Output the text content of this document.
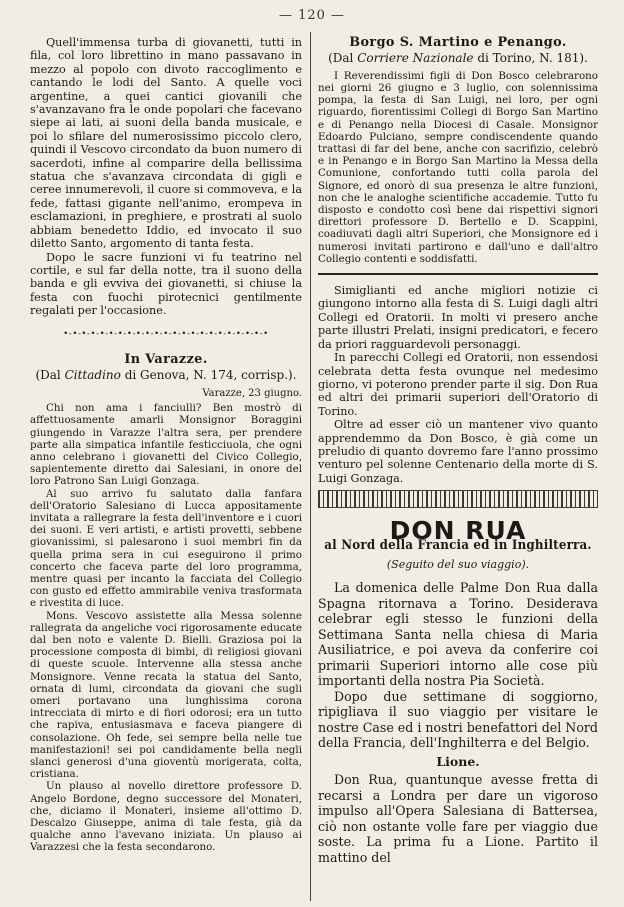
— 120 —

Quell'immensa turba di giovanetti, tutti in fila, col loro librettino in mano passavano in mezzo al popolo con divoto raccoglimento e cantando le lodi del Santo. A quelle voci argentine, a quei cantici giovanili che s'avanzavano fra le onde popolari che facevano siepe ai lati, ai suoni della banda musicale, e poi lo sfilare del numerosissimo piccolo clero, quindi il Vescovo circondato da buon numero di sacerdoti, infine al comparire della bellissima statua che s'avanzava circondata di gigli e ceree innumerevoli, il cuore si commoveva, e la fede, fattasi gigante nell'animo, erompeva in esclamazioni, in preghiere, e prostrati al suolo abbiam benedetto Iddio, ed invocato il suo diletto Santo, argomento di tanta festa.

Dopo le sacre funzioni vi fu teatrino nel cortile, e sul far della notte, tra il suono della banda e gli evviva dei giovanetti, si chiuse la festa con fuochi pirotecnici gentilmente regalati per l'occasione.

•-•-•-•-•-•-•-•-•-•-•-•-•-•-•-•-•-•-•-•-•-•-•
In Varazze.
(Dal Cittadino di Genova, N. 174, corrisp.).
Varazze, 23 giugno.

Chi non ama i fanciulli? Ben mostrò di affettuosamente amarli Monsignor Boraggini giungendo in Varazze l'altra sera, per prendere parte alla simpatica infantile festicciuola, che ogni anno celebrano i giovanetti del Civico Collegio, sapientemente diretto dai Salesiani, in onore del loro Patrono San Luigi Gonzaga.

Al suo arrivo fu salutato dalla fanfara dell'Oratorio Salesiano di Lucca appositamente invitata a rallegrare la festa dell'inventore e i cuori dei suoni. E veri artisti, e artisti provetti, sebbene giovanissimi, si palesarono i suoi membri fin da quella prima sera in cui eseguirono il primo concerto che faceva parte del loro programma, mentre quasi per incanto la facciata del Collegio con gusto ed effetto ammirabile veniva trasformata e rivestita di luce.

Mons. Vescovo assistette alla Messa solenne rallegrata da angeliche voci rigorosamente educate dal ben noto e valente D. Bielli. Graziosa poi la processione composta di bimbi, di religiosi giovani di queste scuole. Intervenne alla stessa anche Monsignore. Venne recata la statua del Santo, ornata di lumi, circondata da giovani che sugli omeri portavano una lunghissima corona intrecciata di mirto e di fiori odorosi; era un tutto che rapiva, entusiasmava e faceva piangere di consolazione. Oh fede, sei sempre bella nelle tue manifestazioni! sei poi candidamente bella negli slanci generosi d'una gioventù morigerata, colta, cristiana.

Un plauso al novello direttore professore D. Angelo Bordone, degno successore del Monateri, che, diciamo il Monateri, insieme all'ottimo D. Descalzo Giuseppe, anima di tale festa, già da qualche anno l'avevano iniziata. Un plauso ai Varazzesi che la festa secondarono.

Borgo S. Martino e Penango.
(Dal Corriere Nazionale di Torino, N. 181).

I Reverendissimi figli di Don Bosco celebrarono nei giorni 26 giugno e 3 luglio, con solennissima pompa, la festa di San Luigi, nei loro, per ogni riguardo, fiorentissimi Collegi di Borgo San Martino e di Penango nella Diocesi di Casale. Monsignor Edoardo Pulciano, sempre condiscendente quando trattasi di far del bene, anche con sacrifizio, celebrò e in Penango e in Borgo San Martino la Messa della Comunione, confortando tutti colla parola del Signore, ed onorò di sua presenza le altre funzioni, non che le analoghe scientifiche accademie. Tutto fu disposto e condotto così bene dai rispettivi signori direttori professore D. Bertello e D. Scappini, coadiuvati dagli altri Superiori, che Monsignore ed i numerosi invitati partirono e dall'uno e dall'altro Collegio contenti e soddisfatti.

Simiglianti ed anche migliori notizie ci giungono intorno alla festa di S. Luigi dagli altri Collegi ed Oratorii. In molti vi presero anche parte illustri Prelati, insigni predicatori, e fecero da priori ragguardevoli personaggi.

In parecchi Collegi ed Oratorii, non essendosi celebrata detta festa ovunque nel medesimo giorno, vi poterono prender parte il sig. Don Rua ed altri dei primarii superiori dell'Oratorio di Torino.

Oltre ad esser ciò un mantener vivo quanto apprendemmo da Don Bosco, è già come un preludio di quanto dovremo fare l'anno prossimo venturo pel solenne Centenario della morte di S. Luigi Gonzaga.

DON RUA
al Nord della Francia ed in Inghilterra.
(Seguito del suo viaggio).

La domenica delle Palme Don Rua dalla Spagna ritornava a Torino. Desiderava celebrar egli stesso le funzioni della Settimana Santa nella chiesa di Maria Ausiliatrice, e poi aveva da conferire coi primarii Superiori intorno alle cose più importanti della nostra Pia Società.

Dopo due settimane di soggiorno, ripigliava il suo viaggio per visitare le nostre Case ed i nostri benefattori del Nord della Francia, dell'Inghilterra e del Belgio.

Lione.

Don Rua, quantunque avesse fretta di recarsi a Londra per dare un vigoroso impulso all'Opera Salesiana di Battersea, ciò non ostante volle fare per viaggio due soste. La prima fu a Lione. Partito il mattino del
